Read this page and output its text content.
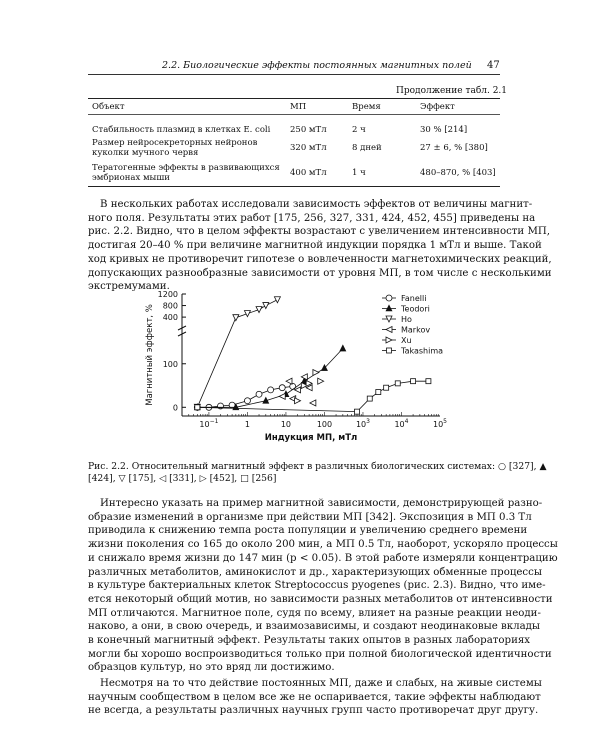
2.2. Биологические эффекты постоянных магнитных полей 47
Продолжение табл. 2.1
Объект	МП	Время	Эффект
Стабильность плазмид в клетках E. coli 250 мТл	2 ч	30 % [214]
Размер нейросекреторных нейронов
куколки мучного червя	320 мТл	8 дней	27 ± 6, % [380]
Тератогенные эффекты в развивающихся
эмбрионах мыши	400 мТл	1 ч	480–870, % [403]
В нескольких работах исследовали зависимость эффектов от величины магнит-
ного поля. Результаты этих работ [175, 256, 327, 331, 424, 452, 455] приведены на
рис. 2.2. Видно, что в целом эффекты возрастают с увеличением интенсивности МП,
достигая 20–40 % при величине магнитной индукции порядка 1 мТл и выше. Такой
ход кривых не противоречит гипотезе о вовлеченности магнетохимических реакций,
допускающих разнообразные зависимости от уровня МП, в том числе с несколькими
экстремумами.
0
100
400
800
1200
$10^{-1}$	1	10	100	$10^3$	$10^4$	$10^5$
Индукция МП, мТл
Магнитный эффект, %
Fanelli
Teodori
Ho
Markov
Xu
Takashima
Рис. 2.2. Относительный магнитный эффект в различных биологических системах: ○ [327], ▲
[424], ▽ [175], ◁ [331], ▷ [452], □ [256]
Интересно указать на пример магнитной зависимости, демонстрирующей разно-
образие изменений в организме при действии МП [342]. Экспозиция в МП 0.3 Тл
приводила к снижению темпа роста популяции и увеличению среднего времени
жизни поколения со 165 до около 200 мин, а МП 0.5 Тл, наоборот, ускоряло процессы
и снижало время жизни до 147 мин (p < 0.05). В этой работе измеряли концентрацию
различных метаболитов, аминокислот и др., характеризующих обменные процессы
в культуре бактериальных клеток Streptococcus pyogenes (рис. 2.3). Видно, что име-
ется некоторый общий мотив, но зависимости разных метаболитов от интенсивности
МП отличаются. Магнитное поле, судя по всему, влияет на разные реакции неоди-
наково, а они, в свою очередь, и взаимозависимы, и создают неодинаковые вклады
в конечный магнитный эффект. Результаты таких опытов в разных лабораториях
могли бы хорошо воспроизводиться только при полной биологической идентичности
образцов культур, но это вряд ли достижимо.
Несмотря на то что действие постоянных МП, даже и слабых, на живые системы
научным сообществом в целом все же не оспаривается, такие эффекты наблюдают
не всегда, а результаты различных научных групп часто противоречат друг другу.
